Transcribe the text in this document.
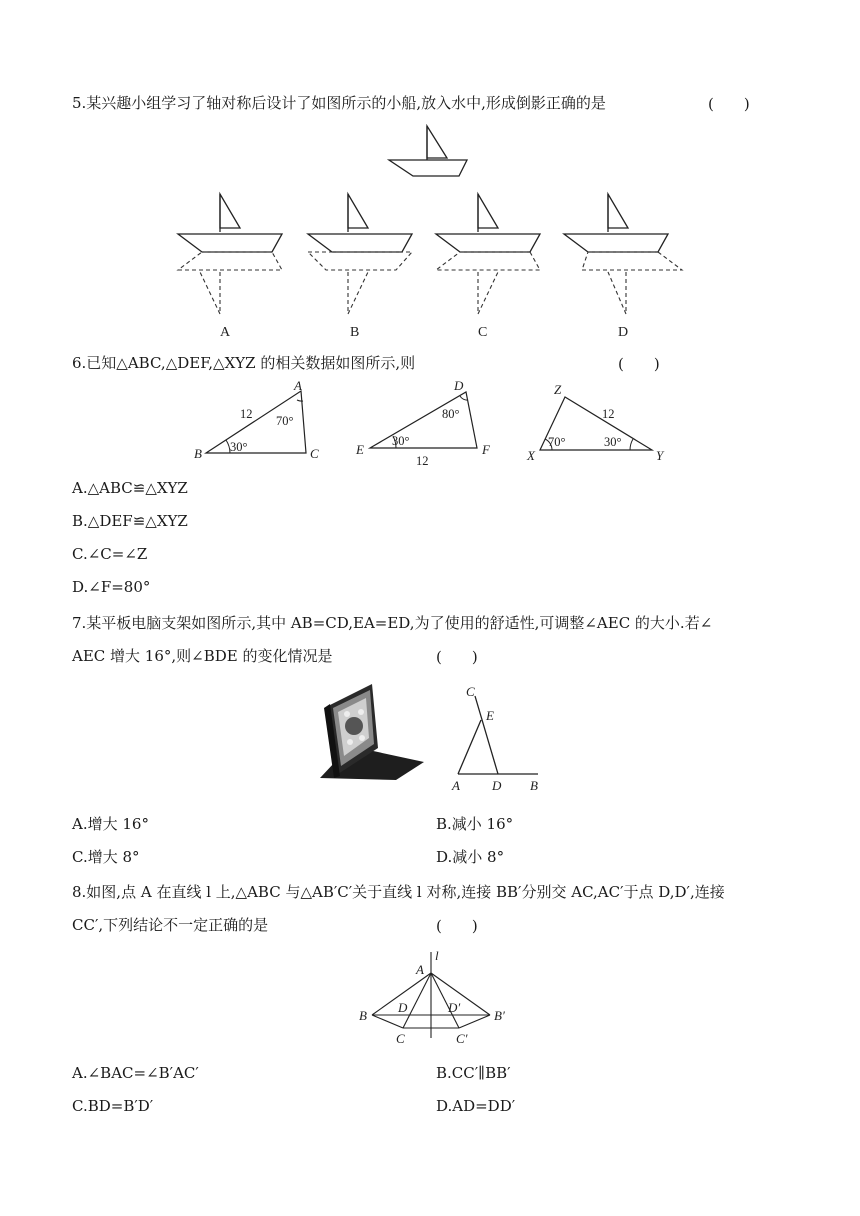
5.某兴趣小组学习了轴对称后设计了如图所示的小船,放入水中,形成倒影正确的是	(　　)
A	B	C	D
6.已知△ABC,△DEF,△XYZ 的相关数据如图所示,则	(　　)
B
A
C
12 70°
30°	E
D
F
12
80°
30°
X
Z
Y
12
70°	30°
A.△ABC≌△XYZ
B.△DEF≌△XYZ
C.∠C=∠Z
D.∠F=80°
7.某平板电脑支架如图所示,其中 AB=CD,EA=ED,为了使用的舒适性,可调整∠AEC 的大小.若∠
AEC 增大 16°,则∠BDE 的变化情况是	(　　)
C
E
A D B
A.增大 16°	B.减小 16°
C.增大 8°	D.减小 8°
8.如图,点 A 在直线 l 上,△ABC 与△AB′C′关于直线 l 对称,连接 BB′分别交 AC,AC′于点 D,D′,连接
CC′,下列结论不一定正确的是	(　　)
A
l
B	B′
D	D′
C	C′
A.∠BAC=∠B′AC′	B.CC′∥BB′
C.BD=B′D′	D.AD=DD′
